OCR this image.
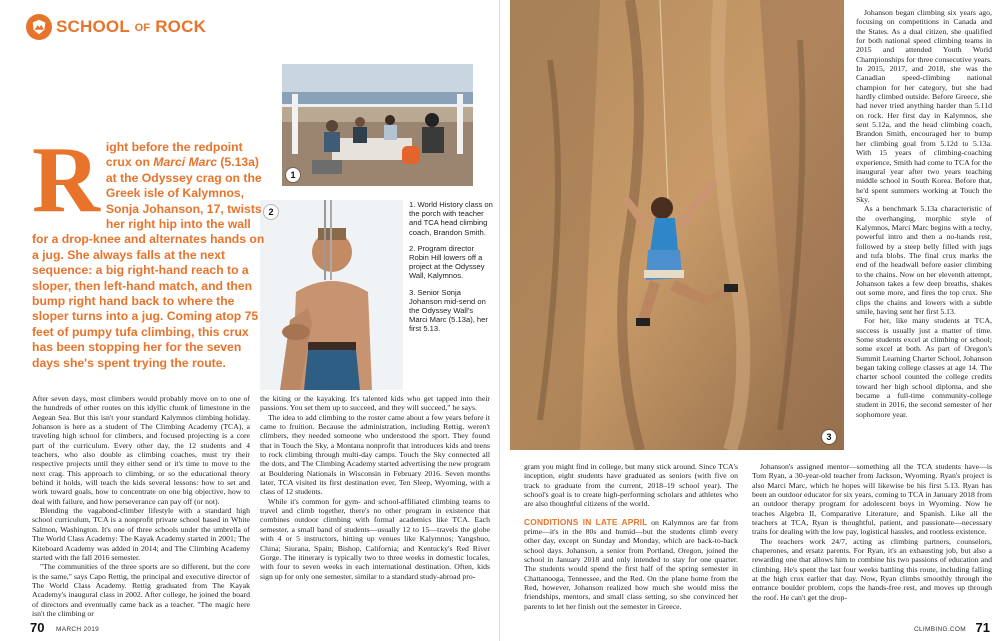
SCHOOL OF ROCK
1
2

1. World History class on the porch with teacher and TCA head climbing coach, Brandon Smith.

2. Program director Robin Hill lowers off a project at the Odyssey Wall, Kalymnos.

3. Senior Sonja Johanson mid-send on the Odyssey Wall's Marci Marc (5.13a), her first 5.13.

Right before the redpoint crux on Marci Marc (5.13a) at the Odyssey crag on the Greek isle of Kalymnos, Sonja Johanson, 17, twists her right hip into the wall for a drop-knee and alternates hands on a jug. She always falls at the next sequence: a big right-hand reach to a sloper, then left-hand match, and then bump right hand back to where the sloper turns into a jug. Coming atop 75 feet of pumpy tufa climbing, this crux has been stopping her for the seven days she's spent trying the route.

After seven days, most climbers would probably move on to one of the hundreds of other routes on this idyllic chunk of limestone in the Aegean Sea. But this isn't your standard Kalymnos climbing holiday. Johanson is here as a student of The Climbing Academy (TCA), a traveling high school for climbers, and focused projecting is a core part of the curriculum. Every other day, the 12 students and 4 teachers, who also double as climbing coaches, must try their respective projects until they either send or it's time to move to the next crag. This approach to climbing, or so the educational theory behind it holds, will teach the kids several lessons: how to set and work toward goals, how to concentrate on one big objective, how to deal with failure, and how perseverance can pay off (or not).

Blending the vagabond-climber lifestyle with a standard high school curriculum, TCA is a nonprofit private school based in White Salmon, Washington. It's one of three schools under the umbrella of The World Class Academy: The Kayak Academy started in 2001; The Kiteboard Academy was added in 2014; and The Climbing Academy started with the fall 2016 semester.

"The communities of the three sports are so different, but the core is the same," says Capo Rettig, the principal and executive director of The World Class Academy. Rettig graduated from The Kayak Academy's inaugural class in 2002. After college, he joined the board of directors and eventually came back as a teacher. "The magic here isn't the climbing or

the kiting or the kayaking. It's talented kids who get tapped into their passions. You set them up to succeed, and they will succeed," he says.

The idea to add climbing to the roster came about a few years before it came to fruition. Because the administration, including Rettig, weren't climbers, they needed someone who understood the sport. They found that in Touch the Sky, a Montana nonprofit that introduces kids and teens to rock climbing through multi-day camps. Touch the Sky connected all the dots, and The Climbing Academy started advertising the new program at Bouldering Nationals in Wisconsin in February 2016. Seven months later, TCA visited its first destination ever, Ten Sleep, Wyoming, with a class of 12 students.

While it's common for gym- and school-affiliated climbing teams to travel and climb together, there's no other program in existence that combines outdoor climbing with formal academics like TCA. Each semester, a small band of students—usually 12 to 15—travels the globe with 4 or 5 instructors, hitting up venues like Kalymnos; Yangshuo, China; Siurana, Spain; Bishop, California; and Kentucky's Red River Gorge. The itinerary is typically two to three weeks in domestic locales, with four to seven weeks in each international destination. Often, kids sign up for only one semester, similar to a standard study-abroad pro-

70 MARCH 2019
3

gram you might find in college, but many stick around. Since TCA's inception, eight students have graduated as seniors (with five on track to graduate from the current, 2018–19 school year). The school's goal is to create high-performing scholars and athletes who are also thoughtful citizens of the world.

CONDITIONS IN LATE APRIL on Kalymnos are far from prime—it's in the 80s and humid—but the students climb every other day, except on Sunday and Monday, which are back-to-back school days. Johanson, a senior from Portland, Oregon, joined the school in January 2018 and only intended to stay for one quarter. The students would spend the first half of the spring semester in Chattanooga, Tennessee, and the Red. On the plane home from the Red, however, Johanson realized how much she would miss the friendships, mentors, and small class setting, so she convinced her parents to let her finish out the semester in Greece.

Johanson began climbing six years ago, focusing on competitions in Canada and the States. As a dual citizen, she qualified for both national speed climbing teams in 2015 and attended Youth World Championships for three consecutive years. In 2015, 2017, and 2018, she was the Canadian speed-climbing national champion for her category, but she had hardly climbed outside. Before Greece, she had never tried anything harder than 5.11d on rock. Her first day in Kalymnos, she sent 5.12a, and the head climbing coach, Brandon Smith, encouraged her to bump her climbing goal from 5.12d to 5.13a. With 15 years of climbing-coaching experience, Smith had come to TCA for the inaugural year after two years teaching middle school in South Korea. Before that, he'd spent summers working at Touch the Sky.

As a benchmark 5.13a characteristic of the overhanging, morphic style of Kalymnos, Marci Marc begins with a techy, powerful intro and then a no-hands rest, followed by a steep belly filled with jugs and tufa blobs. The final crux marks the end of the headwall before easier climbing to the chains. Now on her eleventh attempt, Johanson takes a few deep breaths, shakes out some more, and fires the top crux. She clips the chains and lowers with a subtle smile, having sent her first 5.13.

For her, like many students at TCA, success is usually just a matter of time. Some students excel at climbing or school; some excel at both. As part of Oregon's Summit Learning Charter School, Johanson began taking college classes at age 14. The charter school counted the college credits toward her high school diploma, and she became a full-time community-college student in 2016, the second semester of her sophomore year.

Johanson's assigned mentor—something all the TCA students have—is Tom Ryan, a 30-year-old teacher from Jackson, Wyoming. Ryan's project is also Marci Marc, which he hopes will likewise be his first 5.13. Ryan has been an outdoor educator for six years, coming to TCA in January 2018 from an outdoor therapy program for adolescent boys in Wyoming. Now he teaches Algebra II, Comparative Literature, and Spanish. Like all the teachers at TCA, Ryan is thoughtful, patient, and passionate—necessary traits for dealing with the low pay, logistical hassles, and rootless existence.

The teachers work 24/7, acting as climbing partners, counselors, chaperones, and ersatz parents. For Ryan, it's an exhausting job, but also a rewarding one that allows him to combine his two passions of education and climbing. He's spent the last four weeks battling this route, including falling at the high crux earlier that day. Now, Ryan climbs smoothly through the entrance boulder problem, cops the hands-free rest, and moves up through the roof. He can't get the drop-

CLIMBING.COM 71
